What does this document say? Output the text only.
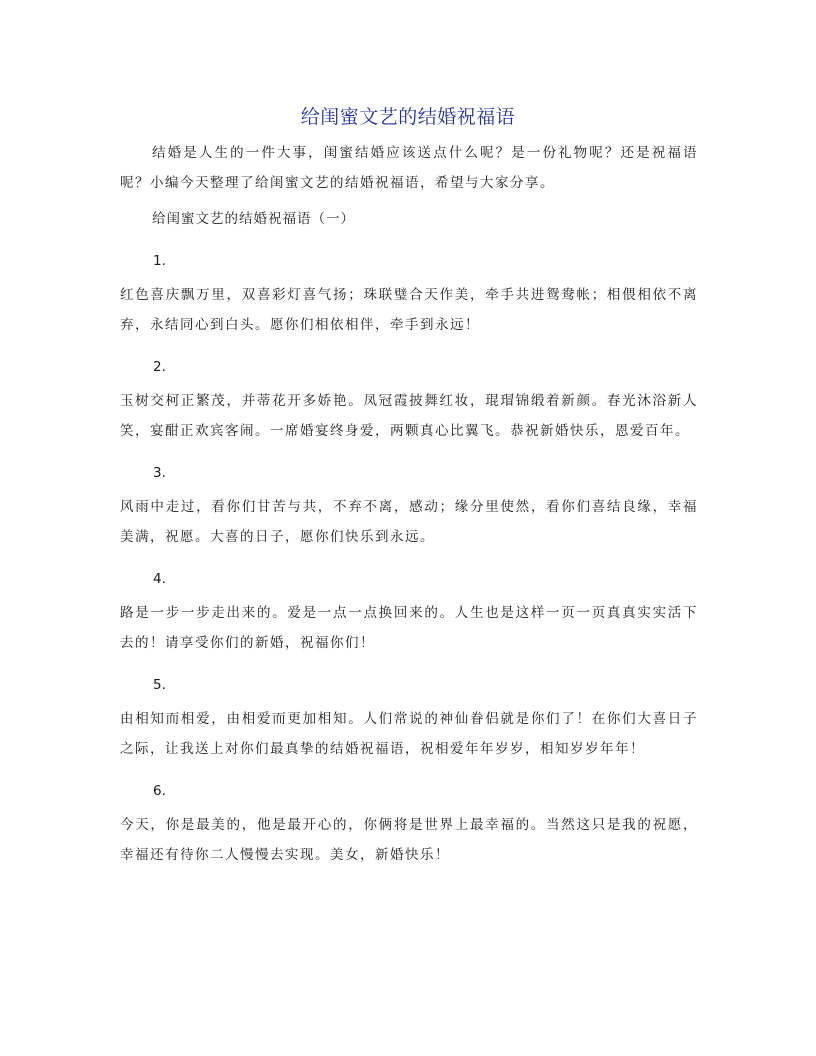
给闺蜜文艺的结婚祝福语

结婚是人生的一件大事，闺蜜结婚应该送点什么呢？是一份礼物呢？还是祝福语呢？小编今天整理了给闺蜜文艺的结婚祝福语，希望与大家分享。

给闺蜜文艺的结婚祝福语（一）
1.

红色喜庆飘万里，双喜彩灯喜气扬；珠联璧合天作美，牵手共进鸳鸯帐；相偎相依不离弃，永结同心到白头。愿你们相依相伴，牵手到永远！

2.

玉树交柯正繁茂，并蒂花开多娇艳。凤冠霞披舞红妆，琨瑁锦缎着新颜。春光沐浴新人笑，宴酣正欢宾客闹。一席婚宴终身爱，两颗真心比翼飞。恭祝新婚快乐，恩爱百年。

3.

风雨中走过，看你们甘苦与共，不弃不离，感动；缘分里使然，看你们喜结良缘，幸福美满，祝愿。大喜的日子，愿你们快乐到永远。

4.

路是一步一步走出来的。爱是一点一点换回来的。人生也是这样一页一页真真实实活下去的！请享受你们的新婚，祝福你们！

5.

由相知而相爱，由相爱而更加相知。人们常说的神仙眷侣就是你们了！在你们大喜日子之际，让我送上对你们最真挚的结婚祝福语，祝相爱年年岁岁，相知岁岁年年！

6.

今天，你是最美的，他是最开心的，你俩将是世界上最幸福的。当然这只是我的祝愿，幸福还有待你二人慢慢去实现。美女，新婚快乐！
